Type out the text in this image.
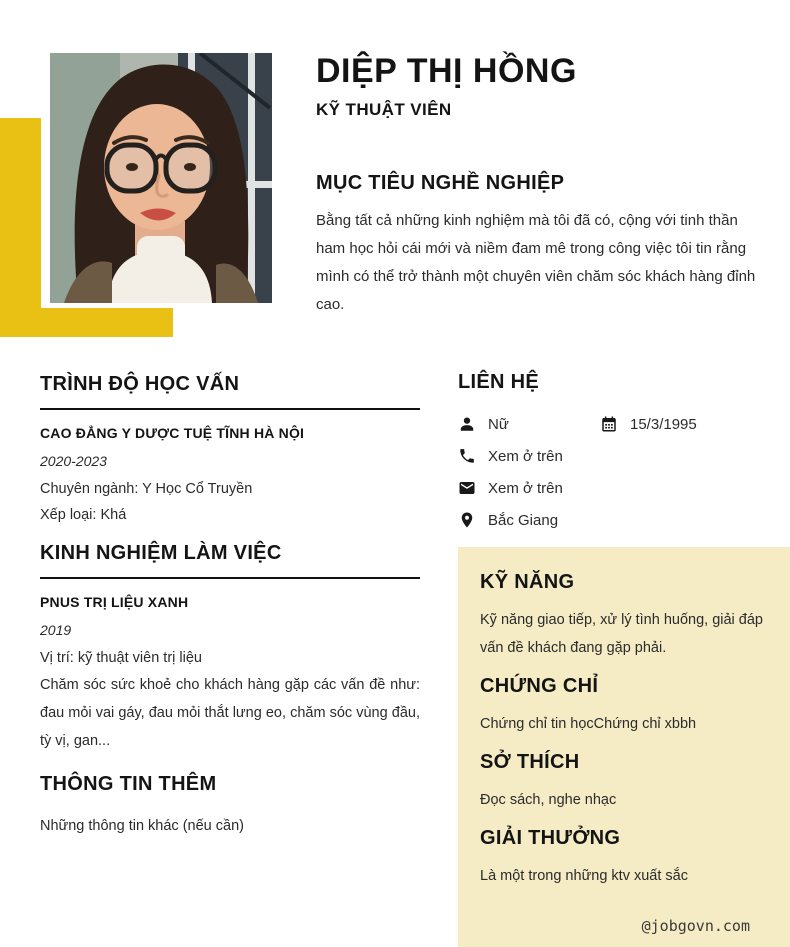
DIỆP THỊ HỒNG
KỸ THUẬT VIÊN
MỤC TIÊU NGHỀ NGHIỆP

Bằng tất cả những kinh nghiệm mà tôi đã có, cộng với tinh thần ham học hỏi cái mới và niềm đam mê trong công việc tôi tin rằng mình có thể trở thành một chuyên viên chăm sóc khách hàng đỉnh cao.

TRÌNH ĐỘ HỌC VẤN
CAO ĐẲNG Y DƯỢC TUỆ TĨNH HÀ NỘI
2020-2023
Chuyên ngành: Y Học Cổ Truyền
Xếp loại: Khá
KINH NGHIỆM LÀM VIỆC
PNUS TRỊ LIỆU XANH
2019
Vị trí: kỹ thuật viên trị liệu
Chăm sóc sức khoẻ cho khách hàng gặp các vấn đề như: đau mỏi vai gáy, đau mỏi thắt lưng eo, chăm sóc vùng đầu, tỳ vị, gan...
THÔNG TIN THÊM
Những thông tin khác (nếu cần)
LIÊN HỆ
Nữ	15/3/1995
Xem ở trên
Xem ở trên
Bắc Giang
KỸ NĂNG

Kỹ năng giao tiếp, xử lý tình huống, giải đáp vấn đề khách đang gặp phải.

CHỨNG CHỈ

Chứng chỉ tin họcChứng chỉ xbbh

SỞ THÍCH

Đọc sách, nghe nhạc

GIẢI THƯỞNG

Là một trong những ktv xuất sắc

@jobgovn.com
